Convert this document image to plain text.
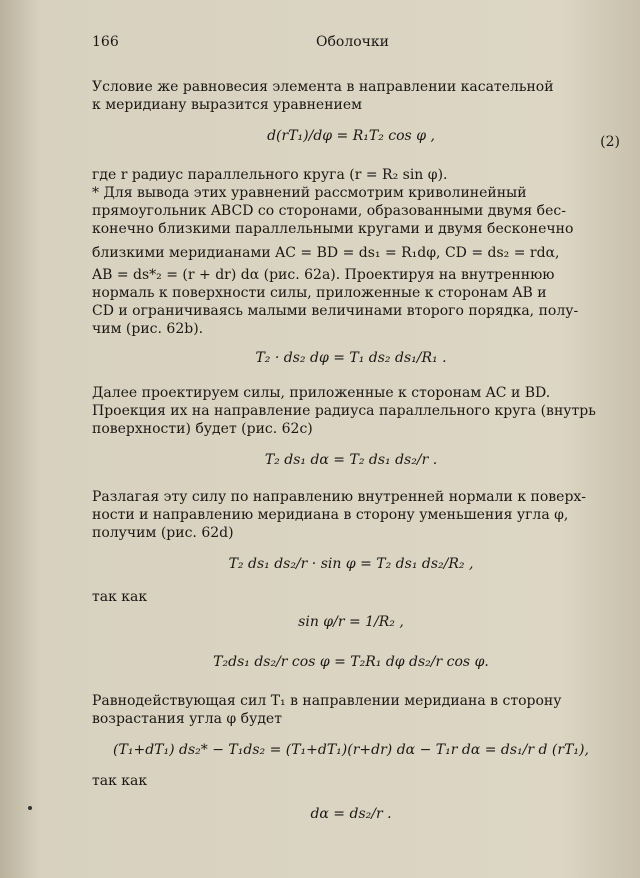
166	Оболочки
Условие же равновесия элемента в направлении касательной
к меридиану выразится уравнением
d(rT₁)/dφ = R₁T₂ cos φ ,	(2)
где r радиус параллельного круга (r = R₂ sin φ).
* Для вывода этих уравнений рассмотрим криволинейный
прямоугольник ABCD со сторонами, образованными двумя бес-
конечно близкими параллельными кругами и двумя бесконечно
близкими меридианами AC = BD = ds₁ = R₁dφ, CD = ds₂ = rdα,
AB = ds*₂ = (r + dr) dα (рис. 62a). Проектируя на внутреннюю
нормаль к поверхности силы, приложенные к сторонам AB и
CD и ограничиваясь малыми величинами второго порядка, полу-
чим (рис. 62b).
T₂ · ds₂ dφ = T₁ ds₂ ds₁/R₁ .
Далее проектируем силы, приложенные к сторонам AC и BD.
Проекция их на направление радиуса параллельного круга (внутрь
поверхности) будет (рис. 62c)
T₂ ds₁ dα = T₂ ds₁ ds₂/r .
Разлагая эту силу по направлению внутренней нормали к поверх-
ности и направлению меридиана в сторону уменьшения угла φ,
получим (рис. 62d)
T₂ ds₁ ds₂/r · sin φ = T₂ ds₁ ds₂/R₂ ,
так как
sin φ/r = 1/R₂ ,
T₂ds₁ ds₂/r cos φ = T₂R₁ dφ ds₂/r cos φ.
Равнодействующая сил T₁ в направлении меридиана в сторону
возрастания угла φ будет
(T₁+dT₁) ds₂* − T₁ds₂ = (T₁+dT₁)(r+dr) dα − T₁r dα = ds₁/r d (rT₁),
так как
dα = ds₂/r .
